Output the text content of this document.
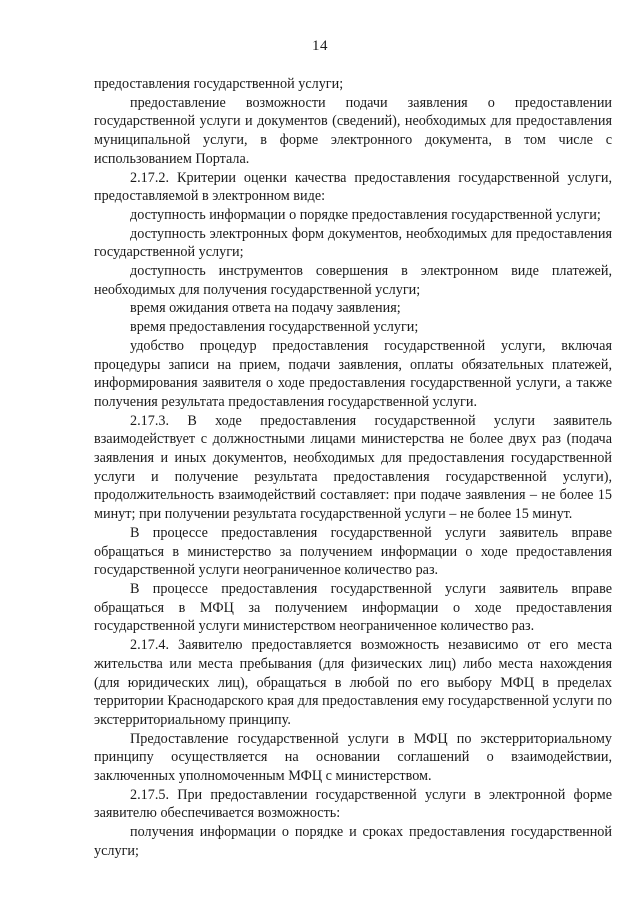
14

предоставления государственной услуги;

предоставление возможности подачи заявления о предоставлении государственной услуги и документов (сведений), необходимых для предоставления муниципальной услуги, в форме электронного документа, в том числе с использованием Портала.

2.17.2. Критерии оценки качества предоставления государственной услуги, предоставляемой в электронном виде:

доступность информации о порядке предоставления государственной услуги;

доступность электронных форм документов, необходимых для предоставления государственной услуги;

доступность инструментов совершения в электронном виде платежей, необходимых для получения государственной услуги;

время ожидания ответа на подачу заявления;

время предоставления государственной услуги;

удобство процедур предоставления государственной услуги, включая процедуры записи на прием, подачи заявления, оплаты обязательных платежей, информирования заявителя о ходе предоставления государственной услуги, а также получения результата предоставления государственной услуги.

2.17.3. В ходе предоставления государственной услуги заявитель взаимодействует с должностными лицами министерства не более двух раз (подача заявления и иных документов, необходимых для предоставления государственной услуги и получение результата предоставления государственной услуги), продолжительность взаимодействий составляет: при подаче заявления – не более 15 минут; при получении результата государственной услуги – не более 15 минут.

В процессе предоставления государственной услуги заявитель вправе обращаться в министерство за получением информации о ходе предоставления государственной услуги неограниченное количество раз.

В процессе предоставления государственной услуги заявитель вправе обращаться в МФЦ за получением информации о ходе предоставления государственной услуги министерством неограниченное количество раз.

2.17.4. Заявителю предоставляется возможность независимо от его места жительства или места пребывания (для физических лиц) либо места нахождения (для юридических лиц), обращаться в любой по его выбору МФЦ в пределах территории Краснодарского края для предоставления ему государственной услуги по экстерриториальному принципу.

Предоставление государственной услуги в МФЦ по экстерриториальному принципу осуществляется на основании соглашений о взаимодействии, заключенных уполномоченным МФЦ с министерством.

2.17.5. При предоставлении государственной услуги в электронной форме заявителю обеспечивается возможность:

получения информации о порядке и сроках предоставления государственной услуги;
